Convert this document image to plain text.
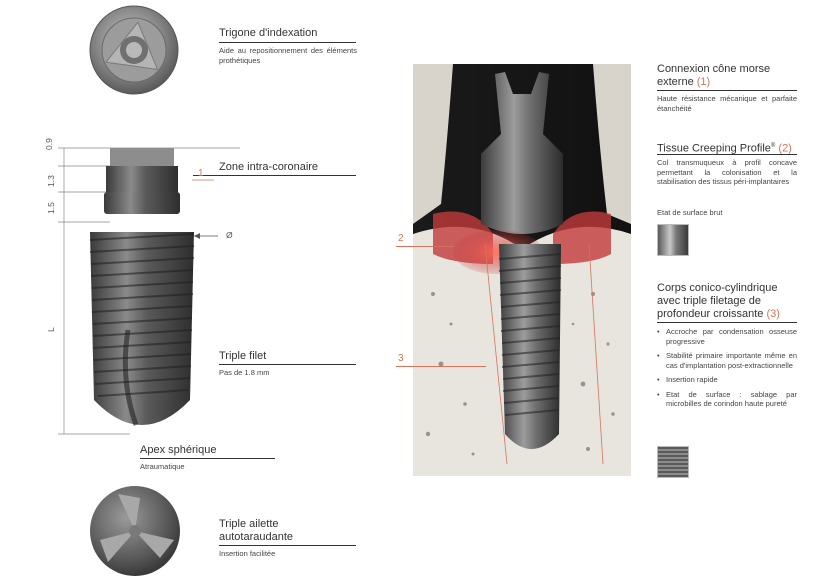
Trigone d'indexation
Aide au repositionnement des éléments prothétiques
0.9
1.3
1.5
L
Ø
Zone intra-coronaire
1
Triple filet
Pas de 1.8 mm
Apex sphérique
Atraumatique
Triple ailette
autotaraudante
Insertion facilitée
2
3
Connexion cône morse
externe (1)
Haute résistance mécanique et parfaite étanchéité
Tissue Creeping Profile® (2)
Col transmuqueux à profil concave permettant la colonisation et la stabilisation des tissus péri-implantaires
Etat de surface brut
Corps conico-cylindrique
avec triple filetage de
profondeur croissante (3)
• Accroche par condensation osseuse progressive
• Stabilité primaire importante même en cas d'implantation post-extractionnelle
• Insertion rapide
• Etat de surface : sablage par microbilles de corindon haute pureté
